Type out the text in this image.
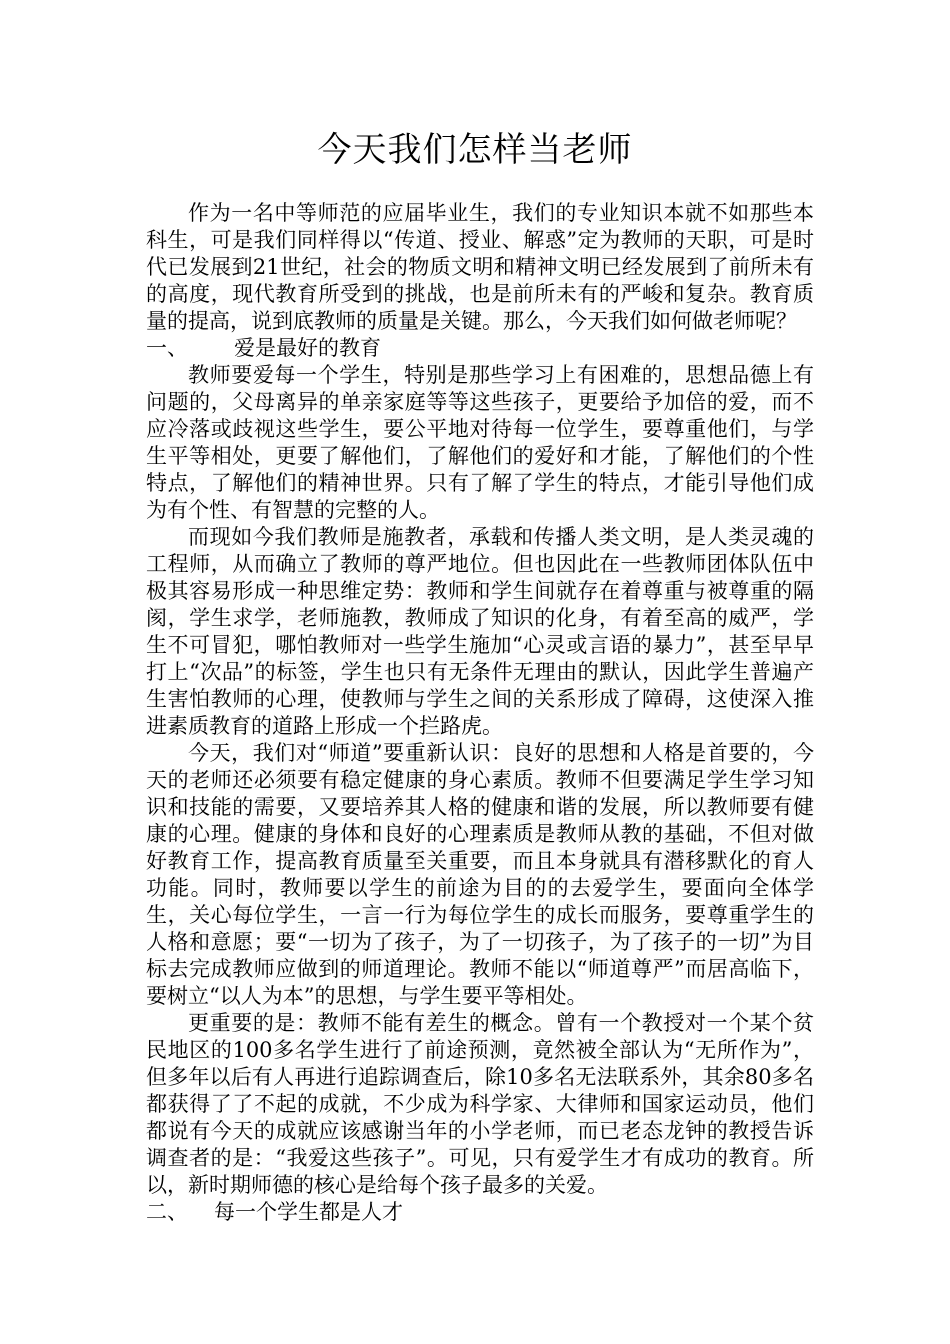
今天我们怎样当老师

作为一名中等师范的应届毕业生，我们的专业知识本就不如那些本科生，可是我们同样得以“传道、授业、解惑”定为教师的天职，可是时代已发展到21世纪，社会的物质文明和精神文明已经发展到了前所未有的高度，现代教育所受到的挑战，也是前所未有的严峻和复杂。教育质量的提高，说到底教师的质量是关键。那么，今天我们如何做老师呢？

一、 爱是最好的教育

教师要爱每一个学生，特别是那些学习上有困难的，思想品德上有问题的，父母离异的单亲家庭等等这些孩子，更要给予加倍的爱，而不应冷落或歧视这些学生，要公平地对待每一位学生，要尊重他们，与学生平等相处，更要了解他们，了解他们的爱好和才能，了解他们的个性特点，了解他们的精神世界。只有了解了学生的特点，才能引导他们成为有个性、有智慧的完整的人。

而现如今我们教师是施教者，承载和传播人类文明，是人类灵魂的工程师，从而确立了教师的尊严地位。但也因此在一些教师团体队伍中极其容易形成一种思维定势：教师和学生间就存在着尊重与被尊重的隔阂，学生求学，老师施教，教师成了知识的化身，有着至高的威严，学生不可冒犯，哪怕教师对一些学生施加“心灵或言语的暴力”，甚至早早打上“次品”的标签，学生也只有无条件无理由的默认，因此学生普遍产生害怕教师的心理，使教师与学生之间的关系形成了障碍，这使深入推进素质教育的道路上形成一个拦路虎。

今天，我们对“师道”要重新认识：良好的思想和人格是首要的，今天的老师还必须要有稳定健康的身心素质。教师不但要满足学生学习知识和技能的需要，又要培养其人格的健康和谐的发展，所以教师要有健康的心理。健康的身体和良好的心理素质是教师从教的基础，不但对做好教育工作，提高教育质量至关重要，而且本身就具有潜移默化的育人功能。同时，教师要以学生的前途为目的的去爱学生，要面向全体学生，关心每位学生，一言一行为每位学生的成长而服务，要尊重学生的人格和意愿；要“一切为了孩子，为了一切孩子，为了孩子的一切”为目标去完成教师应做到的师道理论。教师不能以“师道尊严”而居高临下，要树立“以人为本”的思想，与学生要平等相处。

更重要的是：教师不能有差生的概念。曾有一个教授对一个某个贫民地区的100多名学生进行了前途预测，竟然被全部认为“无所作为”，但多年以后有人再进行追踪调查后，除10多名无法联系外，其余80多名都获得了了不起的成就，不少成为科学家、大律师和国家运动员，他们都说有今天的成就应该感谢当年的小学老师，而已老态龙钟的教授告诉调查者的是：“我爱这些孩子”。可见，只有爱学生才有成功的教育。所以，新时期师德的核心是给每个孩子最多的关爱。

二、 每一个学生都是人才
